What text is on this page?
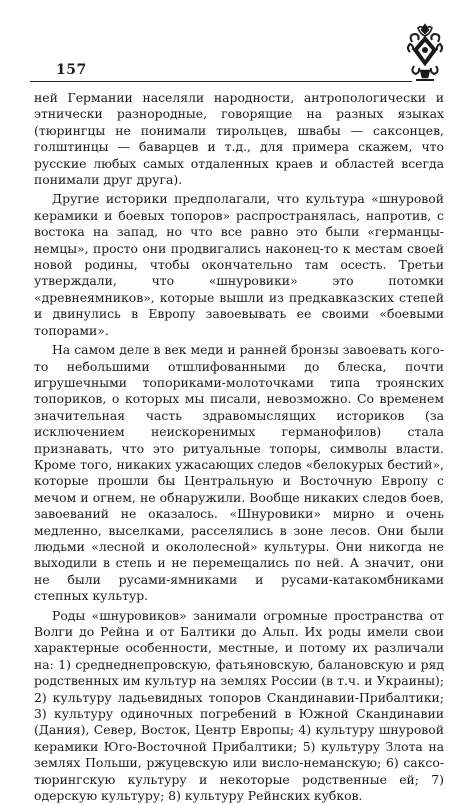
157

ней Германии населяли народности, антропологически и этнически разнородные, говорящие на разных языках (тюрингцы не понимали тирольцев, швабы — саксонцев, голштинцы — баварцев и т.д., для примера скажем, что русские любых самых отдаленных краев и областей всегда понимали друг друга).

Другие историки предполагали, что культура «шнуровой керамики и боевых топоров» распространялась, напротив, с востока на запад, но что все равно это были «германцы-немцы», просто они продвигались наконец-то к местам своей новой родины, чтобы окончательно там осесть. Третьи утверждали, что «шнуровики» это потомки «древнеямников», которые вышли из предкавказских степей и двинулись в Европу завоевывать ее своими «боевыми топорами».

На самом деле в век меди и ранней бронзы завоевать кого-то небольшими отшлифованными до блеска, почти игрушечными топориками-молоточками типа троянских топориков, о которых мы писали, невозможно. Со временем значительная часть здравомыслящих историков (за исключением неискоренимых германофилов) стала признавать, что это ритуальные топоры, символы власти. Кроме того, никаких ужасающих следов «белокурых бестий», которые прошли бы Центральную и Восточную Европу с мечом и огнем, не обнаружили. Вообще никаких следов боев, завоеваний не оказалось. «Шнуровики» мирно и очень медленно, выселками, расселялись в зоне лесов. Они были людьми «лесной и окололесной» культуры. Они никогда не выходили в степь и не перемещались по ней. А значит, они не были русами-ямниками и русами-катакомбниками степных культур.

Роды «шнуровиков» занимали огромные пространства от Волги до Рейна и от Балтики до Альп. Их роды имели свои характерные особенности, местные, и потому их различали на: 1) среднеднепровскую, фатьяновскую, балановскую и ряд родственных им культур на землях России (в т.ч. и Украины); 2) культуру ладьевидных топоров Скандинавии-Прибалтики; 3) культуру одиночных погребений в Южной Скандинавии (Дания), Север, Восток, Центр Европы; 4) культуру шнуровой керамики Юго-Восточной Прибалтики; 5) культуру Злота на землях Польши, ржуцевскую или висло-неманскую; 6) саксо-тюрингскую культуру и некоторые родственные ей; 7) одерскую культуру; 8) культуру Рейнских кубков.
